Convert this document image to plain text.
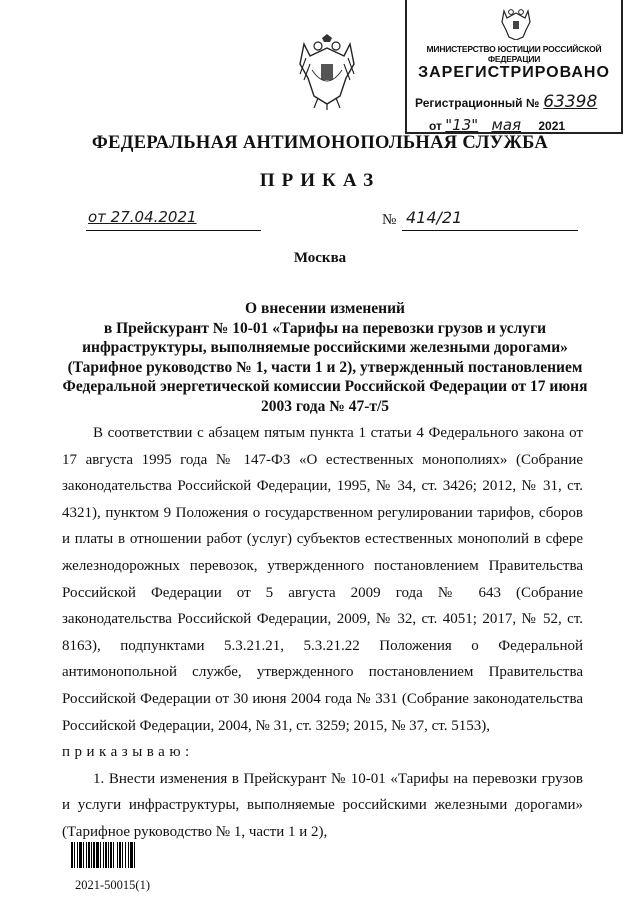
МИНИСТЕРСТВО ЮСТИЦИИ РОССИЙСКОЙ ФЕДЕРАЦИИ
ЗАРЕГИСТРИРОВАНО
Регистрационный № 63398
от "13" мая 2021
ФЕДЕРАЛЬНАЯ АНТИМОНОПОЛЬНАЯ СЛУЖБА
ПРИКАЗ
от 27.04.2021	№ 414/21
Москва
О внесении изменений
в Прейскурант № 10-01 «Тарифы на перевозки грузов и услуги
инфраструктуры, выполняемые российскими железными дорогами»
(Тарифное руководство № 1, части 1 и 2), утвержденный постановлением
Федеральной энергетической комиссии Российской Федерации от 17 июня
2003 года № 47-т/5

В соответствии с абзацем пятым пункта 1 статьи 4 Федерального закона от 17 августа 1995 года № 147-ФЗ «О естественных монополиях» (Собрание законодательства Российской Федерации, 1995, № 34, ст. 3426; 2012, № 31, ст. 4321), пунктом 9 Положения о государственном регулировании тарифов, сборов и платы в отношении работ (услуг) субъектов естественных монополий в сфере железнодорожных перевозок, утвержденного постановлением Правительства Российской Федерации от 5 августа 2009 года № 643 (Собрание законодательства Российской Федерации, 2009, № 32, ст. 4051; 2017, № 52, ст. 8163), подпунктами 5.3.21.21, 5.3.21.22 Положения о Федеральной антимонопольной службе, утвержденного постановлением Правительства Российской Федерации от 30 июня 2004 года № 331 (Собрание законодательства Российской Федерации, 2004, № 31, ст. 3259; 2015, № 37, ст. 5153),

приказываю:

1. Внести изменения в Прейскурант № 10-01 «Тарифы на перевозки грузов и услуги инфраструктуры, выполняемые российскими железными дорогами» (Тарифное руководство № 1, части 1 и 2),

2021-50015(1)
